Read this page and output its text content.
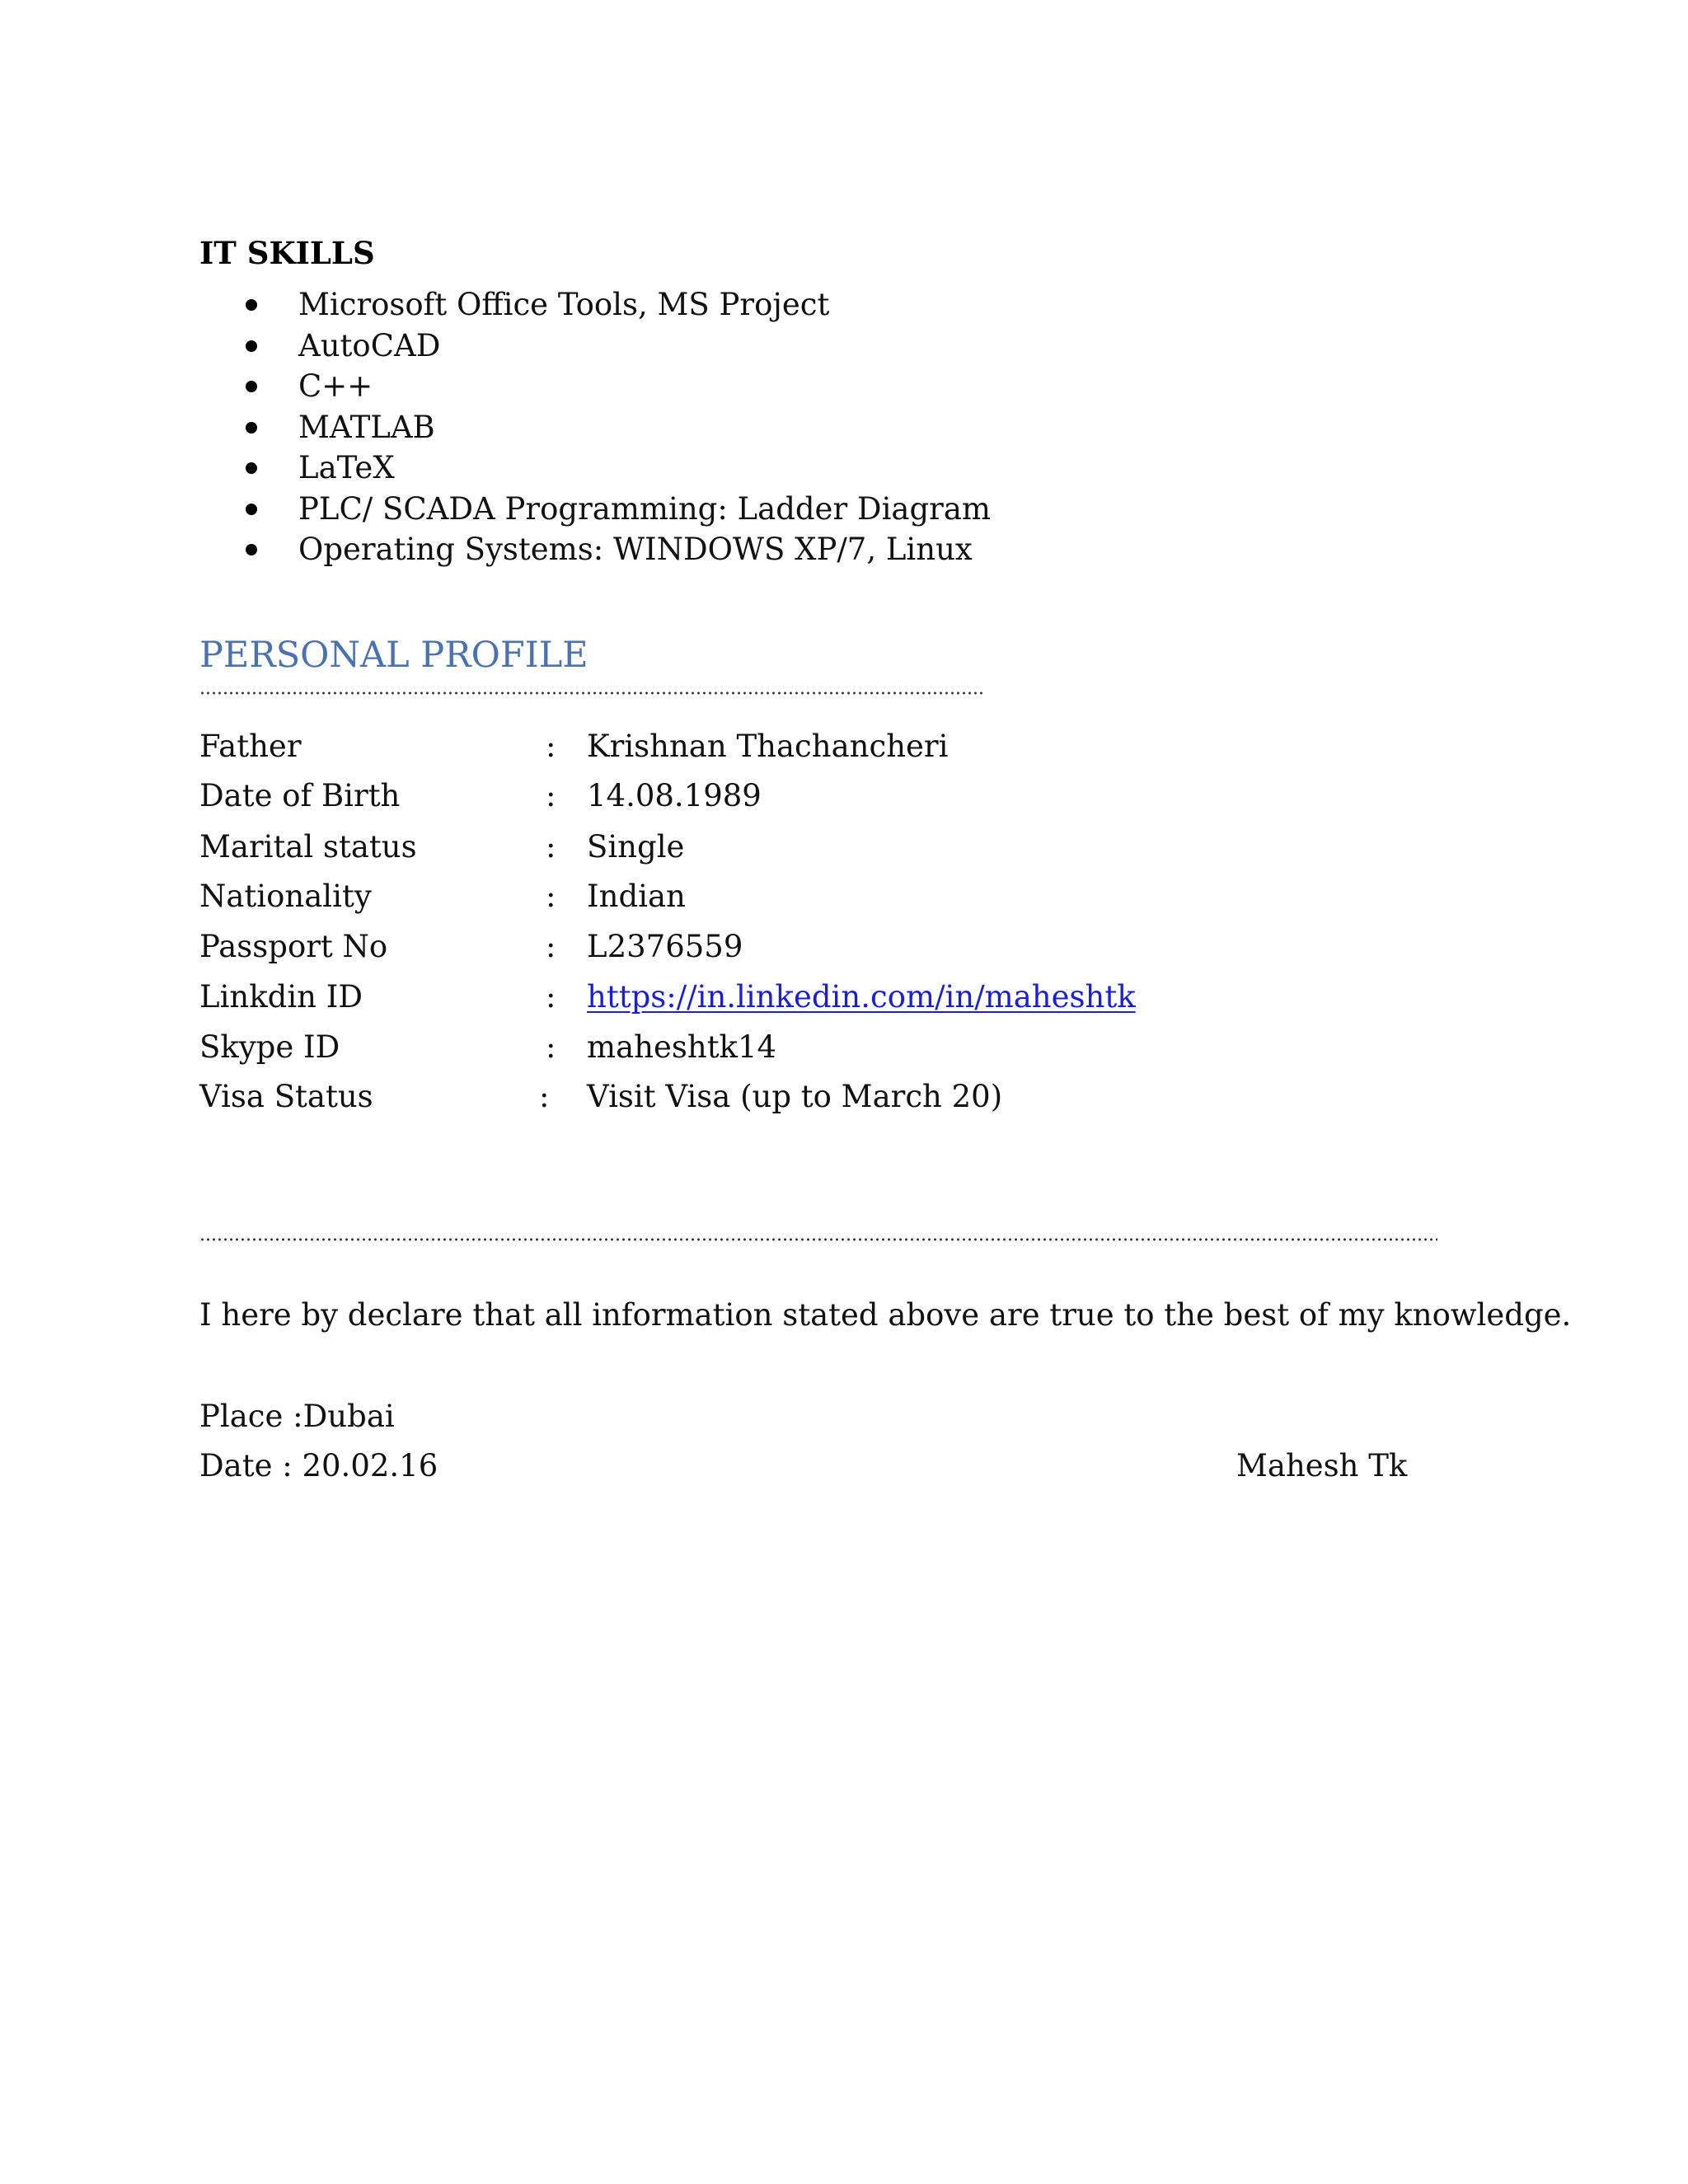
IT SKILLS
Microsoft Office Tools, MS Project
AutoCAD
C++
MATLAB
LaTeX
PLC/ SCADA Programming: Ladder Diagram
Operating Systems: WINDOWS XP/7, Linux
PERSONAL PROFILE
Father	: Krishnan Thachancheri
Date of Birth	: 14.08.1989
Marital status	: Single
Nationality	: Indian
Passport No	: L2376559
Linkdin ID	: https://in.linkedin.com/in/maheshtk
Skype ID	: maheshtk14
Visa Status	: Visit Visa (up to March 20)
I here by declare that all information stated above are true to the best of my knowledge.
Place :Dubai
Date : 20.02.16	Mahesh Tk
